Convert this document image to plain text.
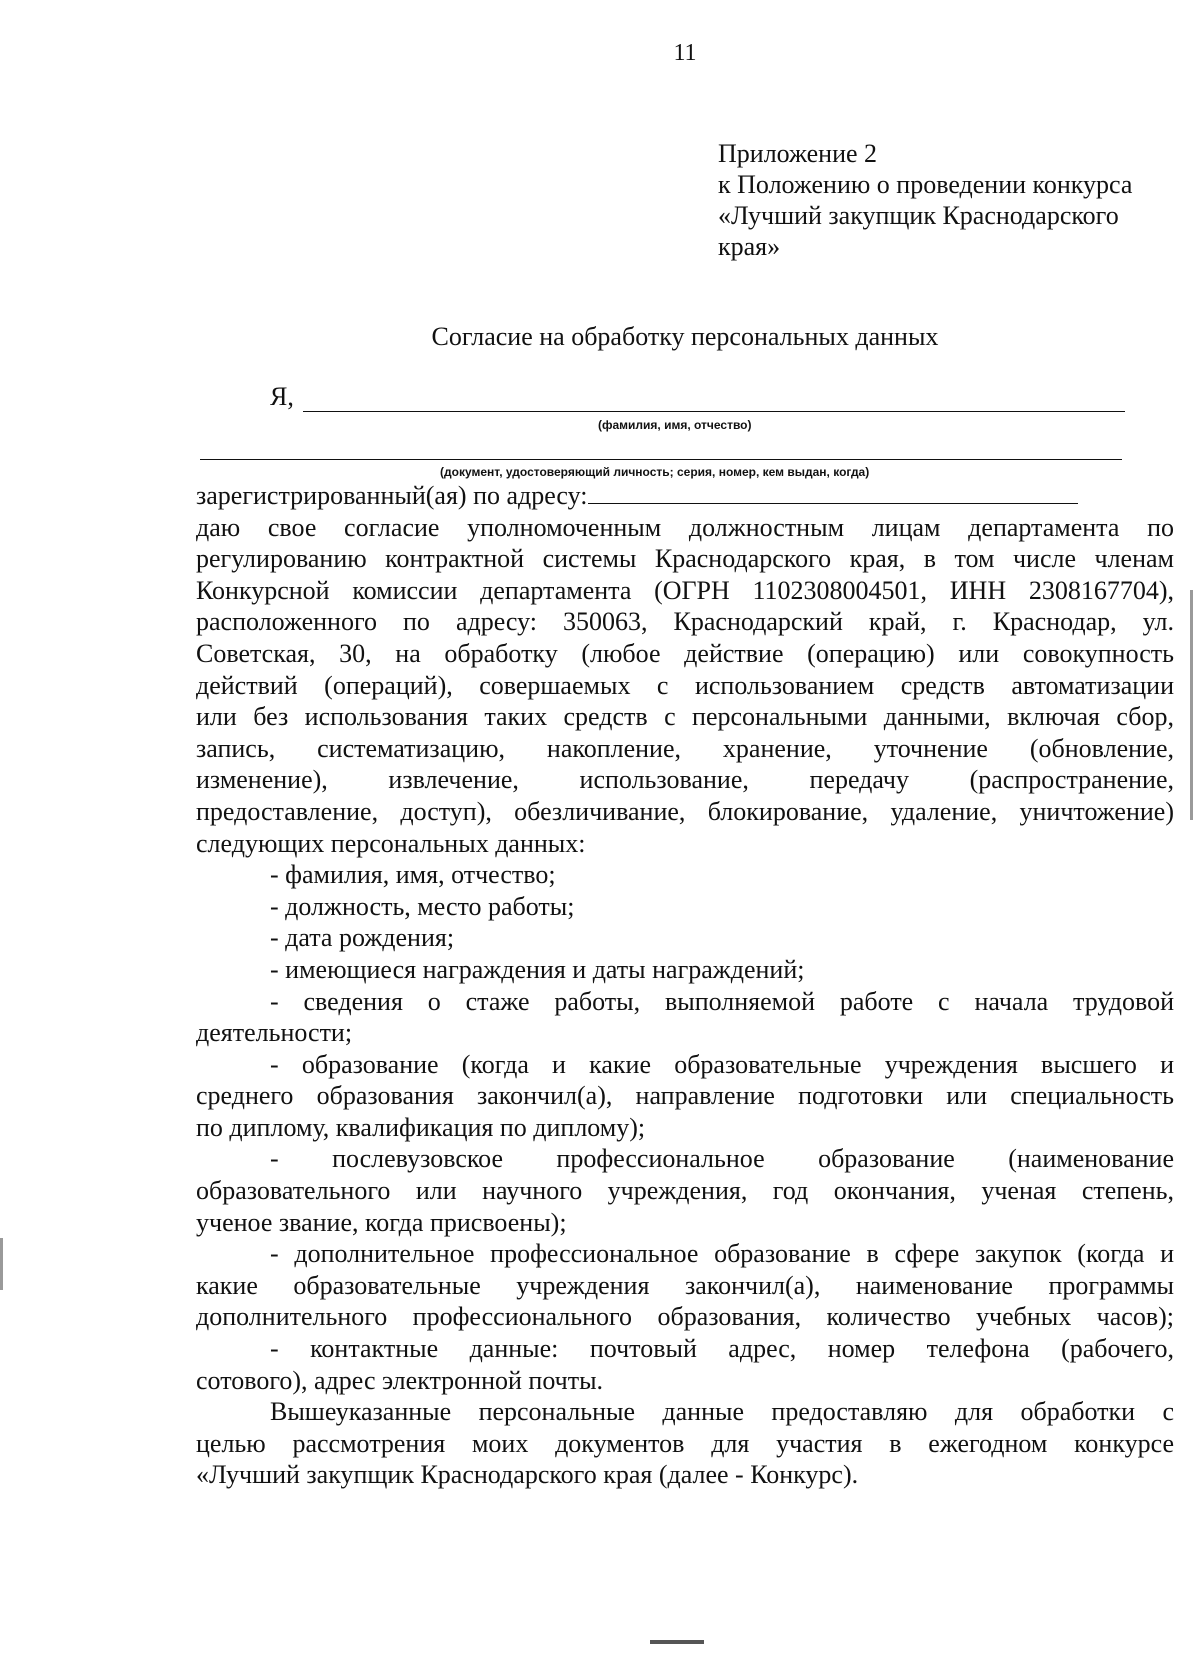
11
Приложение 2
к Положению о проведении конкурса
«Лучший закупщик Краснодарского
края»
Согласие на обработку персональных данных
Я,
(фамилия, имя, отчество)
(документ, удостоверяющий личность; серия, номер, кем выдан, когда)
зарегистрированный(ая) по адресу:
даю свое согласие уполномоченным должностным лицам департамента по
регулированию контрактной системы Краснодарского края, в том числе членам
Конкурсной комиссии департамента (ОГРН 1102308004501, ИНН 2308167704),
расположенного по адресу: 350063, Краснодарский край, г. Краснодар, ул.
Советская, 30, на обработку (любое действие (операцию) или совокупность
действий (операций), совершаемых с использованием средств автоматизации
или без использования таких средств с персональными данными, включая сбор,
запись, систематизацию, накопление, хранение, уточнение (обновление,
изменение), извлечение, использование, передачу (распространение,
предоставление, доступ), обезличивание, блокирование, удаление, уничтожение)
следующих персональных данных:
- фамилия, имя, отчество;
- должность, место работы;
- дата рождения;
- имеющиеся награждения и даты награждений;
- сведения о стаже работы, выполняемой работе с начала трудовой
деятельности;
- образование (когда и какие образовательные учреждения высшего и
среднего образования закончил(а), направление подготовки или специальность
по диплому, квалификация по диплому);
- послевузовское профессиональное образование (наименование
образовательного или научного учреждения, год окончания, ученая степень,
ученое звание, когда присвоены);
- дополнительное профессиональное образование в сфере закупок (когда и
какие образовательные учреждения закончил(а), наименование программы
дополнительного профессионального образования, количество учебных часов);
- контактные данные: почтовый адрес, номер телефона (рабочего,
сотового), адрес электронной почты.
Вышеуказанные персональные данные предоставляю для обработки с
целью рассмотрения моих документов для участия в ежегодном конкурсе
«Лучший закупщик Краснодарского края (далее - Конкурс).
